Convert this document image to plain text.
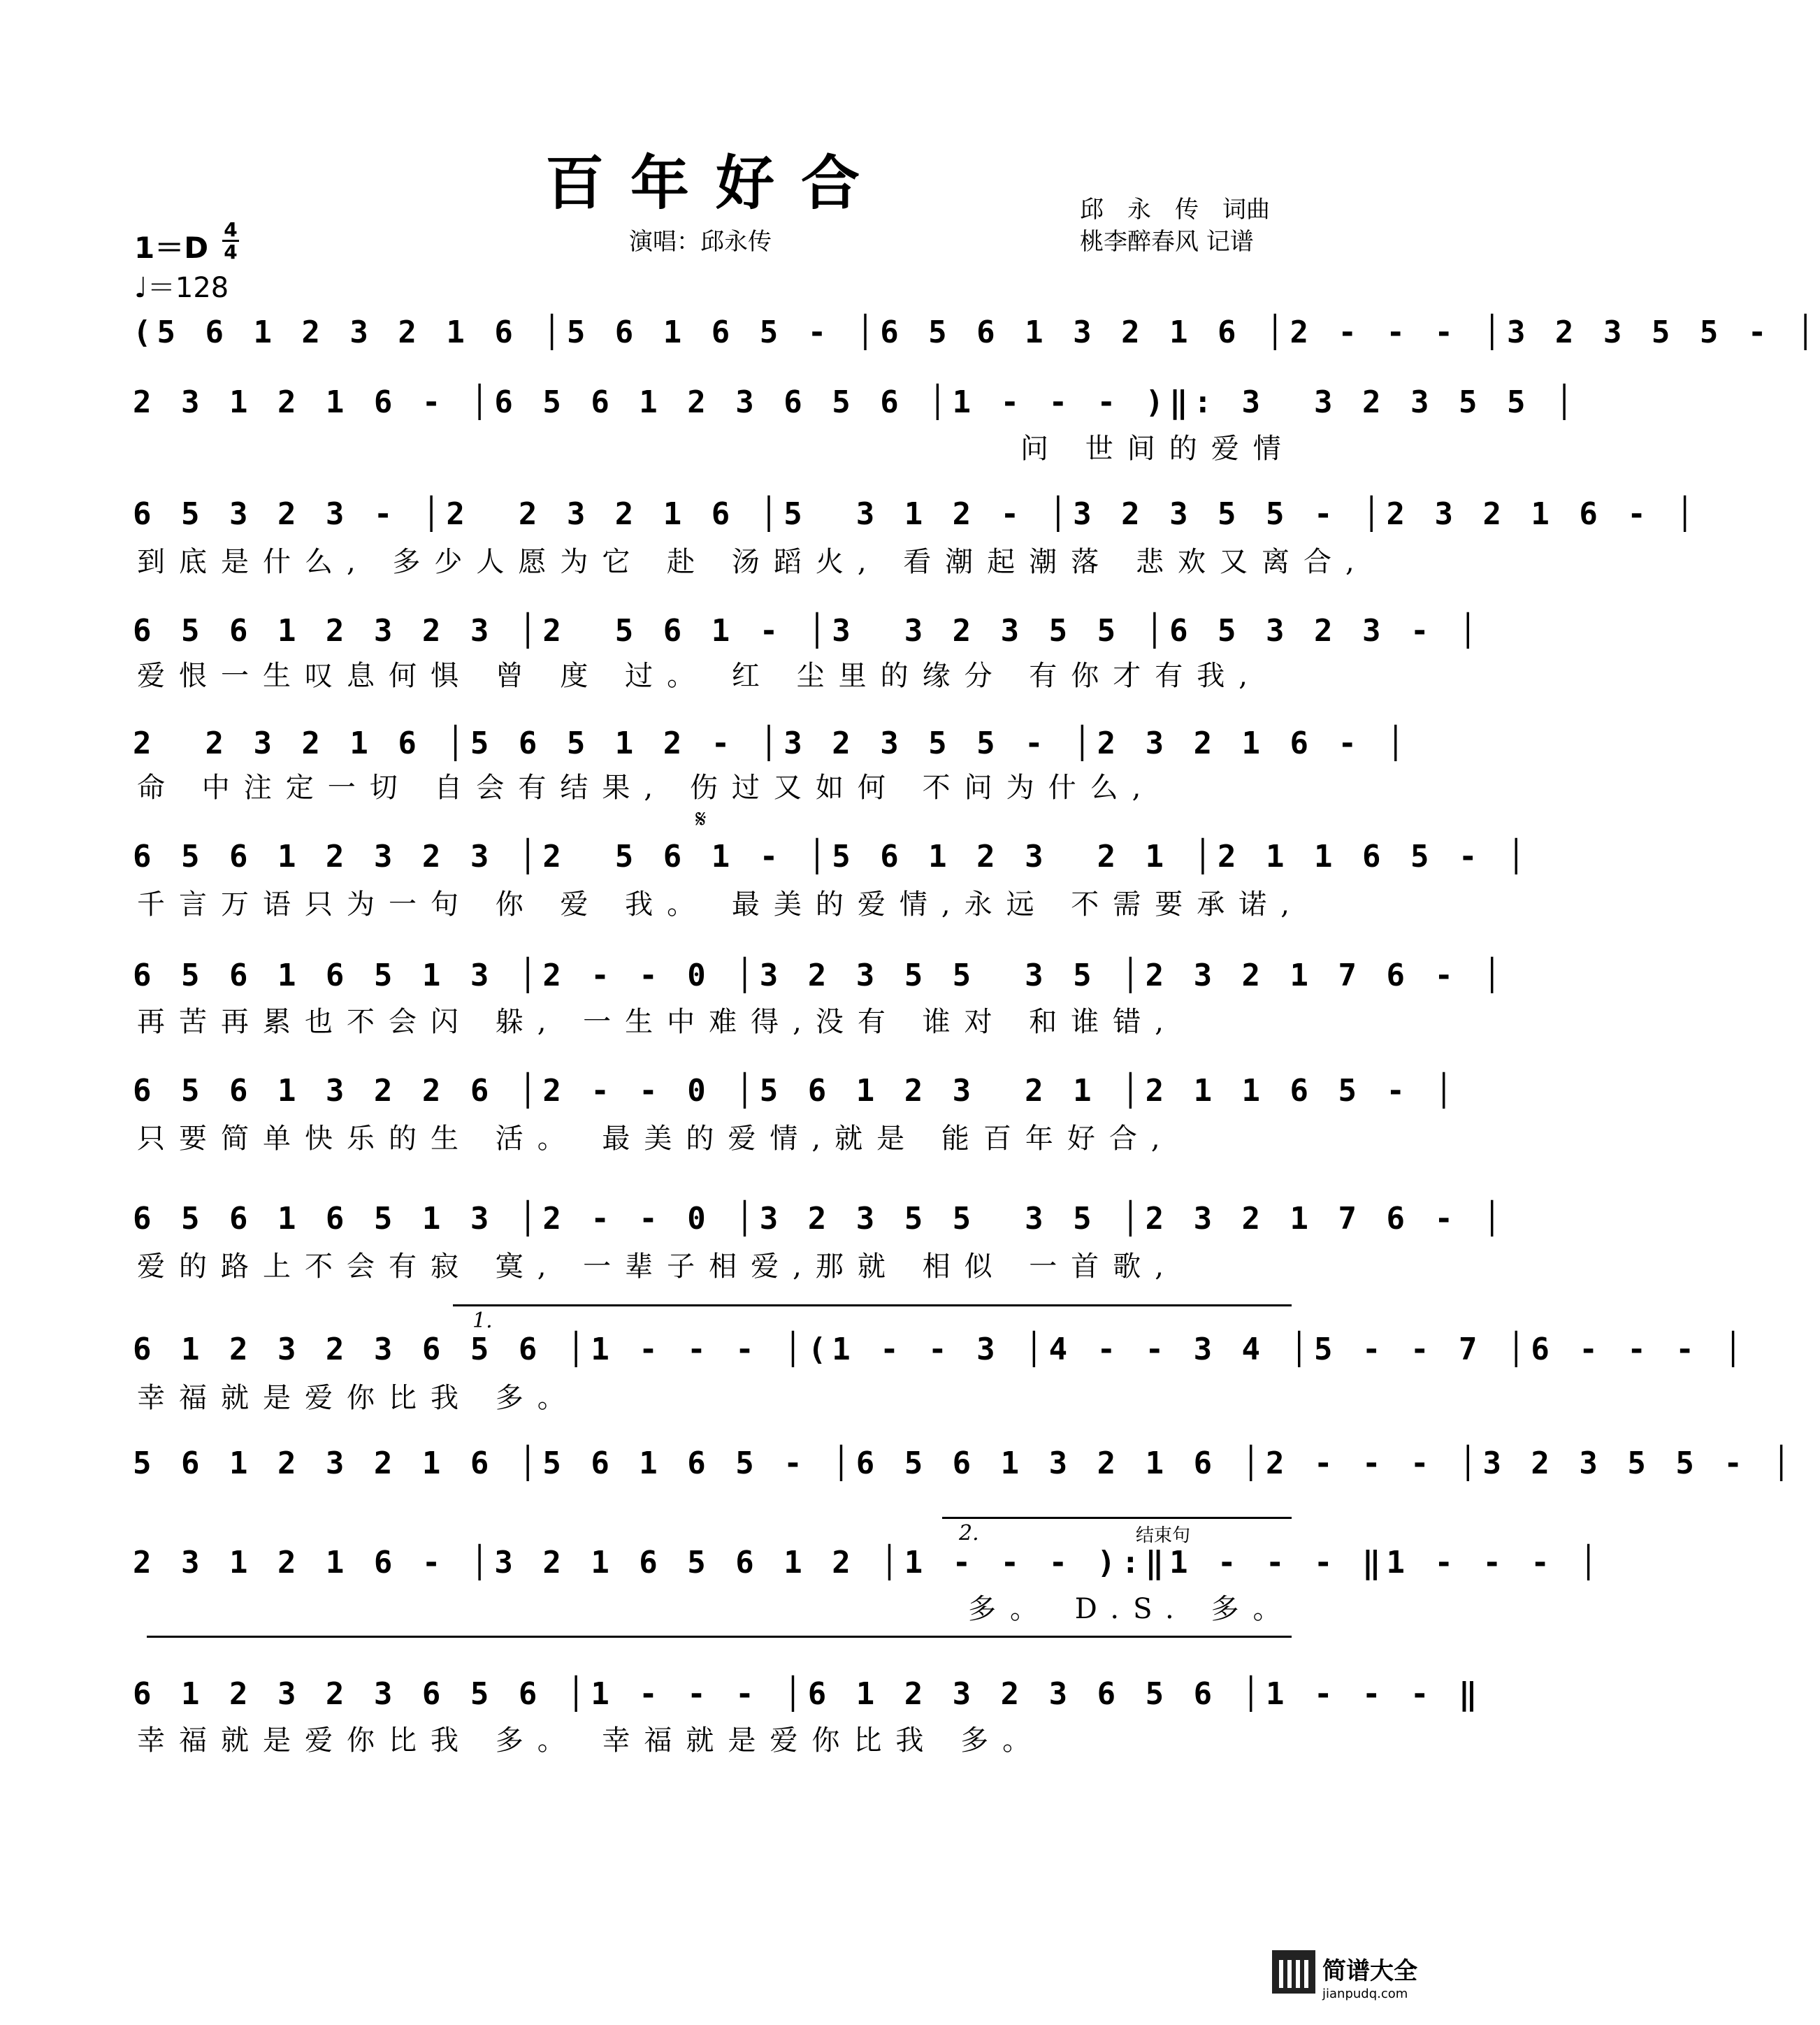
百年好合	邱　永　传　词曲
桃李醉春风 记谱
演唱：邱永传
1＝D
4
4
♩＝128
(5 6 1 2 3 2 1 6 │5 6 1 6 5 - │6 5 6 1 3 2 1 6 │2 - - - │3 2 3 5 5 - │
2 3 1 2 1 6 - │6 5 6 1 2 3 6 5 6 │1 - - - )‖: 3  3 2 3 5 5 │
问 世间的爱情
6 5 3 2 3 - │2  2 3 2 1 6 │5  3 1 2 - │3 2 3 5 5 - │2 3 2 1 6 - │
到底是什么, 多少人愿为它 赴 汤蹈火, 看潮起潮落 悲欢又离合,
6 5 6 1 2 3 2 3 │2  5 6 1 - │3  3 2 3 5 5 │6 5 3 2 3 - │
爱恨一生叹息何惧 曾 度 过。 红 尘里的缘分 有你才有我,
2  2 3 2 1 6 │5 6 5 1 2 - │3 2 3 5 5 - │2 3 2 1 6 - │
命 中注定一切 自会有结果, 伤过又如何 不问为什么,
𝄋
6 5 6 1 2 3 2 3 │2  5 6 1 - │5 6 1 2 3  2 1 │2 1 1 6 5 - │
千言万语只为一句 你 爱 我。 最美的爱情,永远 不需要承诺,
6 5 6 1 6 5 1 3 │2 - - 0 │3 2 3 5 5  3 5 │2 3 2 1 7 6 - │
再苦再累也不会闪 躲, 一生中难得,没有 谁对 和谁错,
6 5 6 1 3 2 2 6 │2 - - 0 │5 6 1 2 3  2 1 │2 1 1 6 5 - │
只要简单快乐的生 活。 最美的爱情,就是 能百年好合,
6 5 6 1 6 5 1 3 │2 - - 0 │3 2 3 5 5  3 5 │2 3 2 1 7 6 - │
爱的路上不会有寂 寞, 一辈子相爱,那就 相似 一首歌,
1.
6 1 2 3 2 3 6 5 6 │1 - - - │(1 - - 3 │4 - - 3 4 │5 - - 7 │6 - - - │
幸福就是爱你比我 多。
5 6 1 2 3 2 1 6 │5 6 1 6 5 - │6 5 6 1 3 2 1 6 │2 - - - │3 2 3 5 5 - │
2.	结束句
2 3 1 2 1 6 - │3 2 1 6 5 6 1 2 │1 - - - ):‖1 - - - ‖1 - - - │
多。 D.S. 多。
6 1 2 3 2 3 6 5 6 │1 - - - │6 1 2 3 2 3 6 5 6 │1 - - - ‖
幸福就是爱你比我 多。 幸福就是爱你比我 多。
简谱大全
jianpudq.com
